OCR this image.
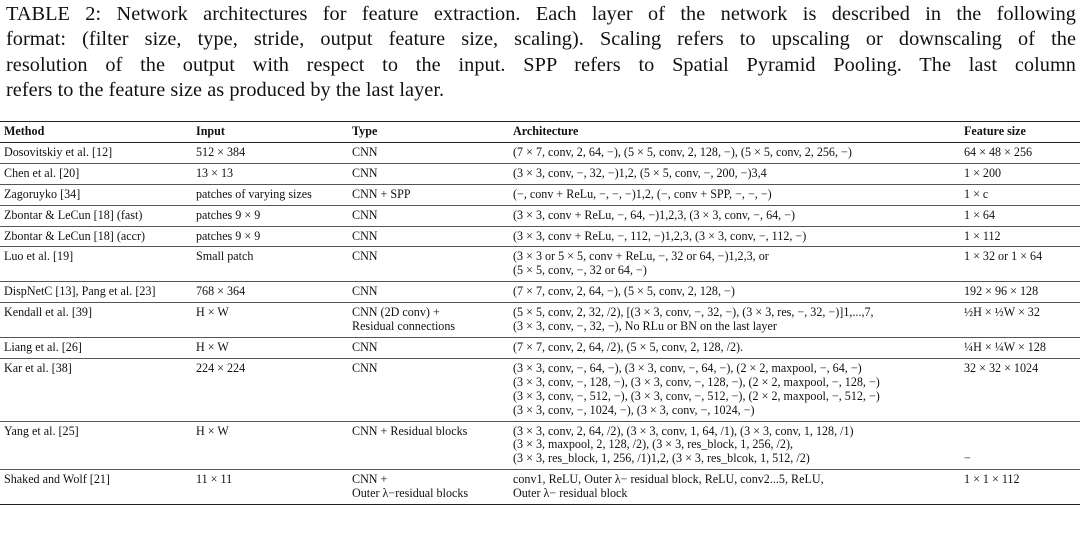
TABLE 2: Network architectures for feature extraction. Each layer of the network is described in the following
format: (filter size, type, stride, output feature size, scaling). Scaling refers to upscaling or downscaling of the
resolution of the output with respect to the input. SPP refers to Spatial Pyramid Pooling. The last column
refers to the feature size as produced by the last layer.
Method	Input	Type	Architecture	Feature size
Dosovitskiy et al. [12]	512 × 384	CNN	(7 × 7, conv, 2, 64, −), (5 × 5, conv, 2, 128, −), (5 × 5, conv, 2, 256, −)	64 × 48 × 256
Chen et al. [20]	13 × 13	CNN	(3 × 3, conv, −, 32, −)1,2, (5 × 5, conv, −, 200, −)3,4	1 × 200
Zagoruyko [34]	patches of varying sizes	CNN + SPP	(−, conv + ReLu, −, −, −)1,2, (−, conv + SPP, −, −, −)	1 × c
Zbontar & LeCun [18] (fast)	patches 9 × 9	CNN	(3 × 3, conv + ReLu, −, 64, −)1,2,3, (3 × 3, conv, −, 64, −)	1 × 64
Zbontar & LeCun [18] (accr)	patches 9 × 9	CNN	(3 × 3, conv + ReLu, −, 112, −)1,2,3, (3 × 3, conv, −, 112, −)	1 × 112
Luo et al. [19]	Small patch	CNN	(3 × 3 or 5 × 5, conv + ReLu, −, 32 or 64, −)1,2,3, or
(5 × 5, conv, −, 32 or 64, −)	1 × 32 or 1 × 64
DispNetC [13], Pang et al. [23]	768 × 364	CNN	(7 × 7, conv, 2, 64, −), (5 × 5, conv, 2, 128, −)	192 × 96 × 128
Kendall et al. [39]	H × W	CNN (2D conv) +
Residual connections	(5 × 5, conv, 2, 32, /2), [(3 × 3, conv, −, 32, −), (3 × 3, res, −, 32, −)]1,...,7,
(3 × 3, conv, −, 32, −), No RLu or BN on the last layer	½H × ½W × 32
Liang et al. [26]	H × W	CNN	(7 × 7, conv, 2, 64, /2), (5 × 5, conv, 2, 128, /2).	¼H × ¼W × 128
Kar et al. [38]	224 × 224	CNN	(3 × 3, conv, −, 64, −), (3 × 3, conv, −, 64, −), (2 × 2, maxpool, −, 64, −)
(3 × 3, conv, −, 128, −), (3 × 3, conv, −, 128, −), (2 × 2, maxpool, −, 128, −)
(3 × 3, conv, −, 512, −), (3 × 3, conv, −, 512, −), (2 × 2, maxpool, −, 512, −)
(3 × 3, conv, −, 1024, −), (3 × 3, conv, −, 1024, −)	32 × 32 × 1024
Yang et al. [25]	H × W	CNN + Residual blocks	(3 × 3, conv, 2, 64, /2), (3 × 3, conv, 1, 64, /1), (3 × 3, conv, 1, 128, /1)
(3 × 3, maxpool, 2, 128, /2), (3 × 3, res_block, 1, 256, /2),
(3 × 3, res_block, 1, 256, /1)1,2, (3 × 3, res_blcok, 1, 512, /2)	−
Shaked and Wolf [21]	11 × 11	CNN +
Outer λ−residual blocks	conv1, ReLU, Outer λ− residual block, ReLU, conv2...5, ReLU,
Outer λ− residual block	1 × 1 × 112
